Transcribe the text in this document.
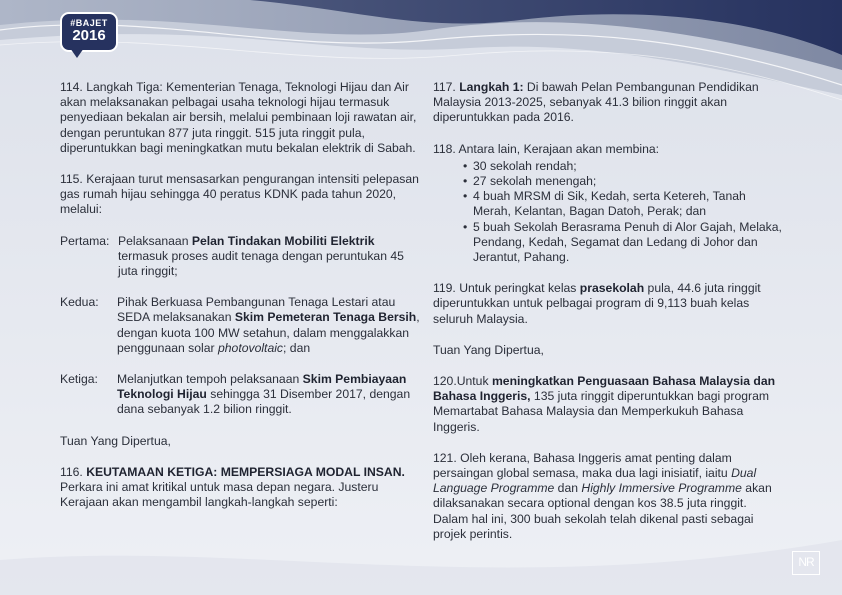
#BAJET
2016

114. Langkah Tiga: Kementerian Tenaga, Teknologi Hijau dan Air akan melaksanakan pelbagai usaha teknologi hijau termasuk penyediaan bekalan air bersih, melalui pembinaan loji rawatan air, dengan peruntukan 877 juta ringgit. 515 juta ringgit pula, diperuntukkan bagi meningkatkan mutu bekalan elektrik di Sabah.

115. Kerajaan turut mensasarkan pengurangan intensiti pelepasan gas rumah hijau sehingga 40 peratus KDNK pada tahun 2020, melalui:

Pertama: Pelaksanaan Pelan Tindakan Mobiliti Elektrik
termasuk proses audit tenaga dengan peruntukan 45 juta ringgit;
Kedua:	Pihak Berkuasa Pembangunan Tenaga Lestari atau SEDA melaksanakan Skim Pemeteran Tenaga Bersih, dengan kuota 100 MW setahun, dalam menggalakkan penggunaan solar photovoltaic; dan
Ketiga:	Melanjutkan tempoh pelaksanaan Skim Pembiayaan Teknologi Hijau sehingga 31 Disember 2017, dengan dana sebanyak 1.2 bilion ringgit.

Tuan Yang Dipertua,

116. KEUTAMAAN KETIGA: MEMPERSIAGA MODAL INSAN. Perkara ini amat kritikal untuk masa depan negara. Justeru Kerajaan akan mengambil langkah-langkah seperti:

117. Langkah 1: Di bawah Pelan Pembangunan Pendidikan Malaysia 2013-2025, sebanyak 41.3 bilion ringgit akan diperuntukkan pada 2016.

118. Antara lain, Kerajaan akan membina:

• 30 sekolah rendah;
• 27 sekolah menengah;
• 4 buah MRSM di Sik, Kedah, serta Ketereh, Tanah Merah, Kelantan, Bagan Datoh, Perak; dan
• 5 buah Sekolah Berasrama Penuh di Alor Gajah, Melaka, Pendang, Kedah, Segamat dan Ledang di Johor dan Jerantut, Pahang.

119. Untuk peringkat kelas prasekolah pula, 44.6 juta ringgit diperuntukkan untuk pelbagai program di 9,113 buah kelas seluruh Malaysia.

Tuan Yang Dipertua,

120.Untuk meningkatkan Penguasaan Bahasa Malaysia dan Bahasa Inggeris, 135 juta ringgit diperuntukkan bagi program Memartabat Bahasa Malaysia dan Memperkukuh Bahasa Inggeris.

121. Oleh kerana, Bahasa Inggeris amat penting dalam persaingan global semasa, maka dua lagi inisiatif, iaitu Dual Language Programme dan Highly Immersive Programme akan dilaksanakan secara optional dengan kos 38.5 juta ringgit. Dalam hal ini, 300 buah sekolah telah dikenal pasti sebagai projek perintis.

NR
